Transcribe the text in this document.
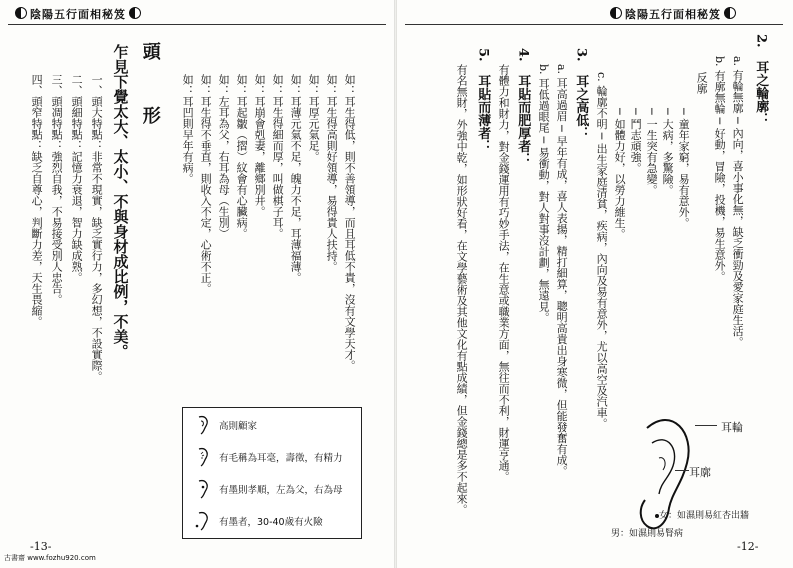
陰陽五行面相秘笈
頭　形
乍見下覺太大、太小、不與身材成比例，不美。
一、頭大特點：非常不現實，缺乏實行力，多幻想，不設實際。
二、頭細特點：記憶力衰退，智力缺成熟。
三、頭凋特點：強烈自我，不易接受別人忠告。
四、頭窄特點：缺乏自尊心，判斷力差，天生畏縮。	如：耳生得低，則不善領導，而且耳低不貴，沒有文學天才。
如：耳生得高則好領導，易得貴人扶持。
如：耳厚元氣足。
如：耳薄元氣不足，魄力不足，耳薄福薄。
如：耳生得細而厚，叫做棋子耳。
如：耳崩會剋妻，離鄉別井。
如：耳起皺（摺）紋會有心臟病。
如：左耳為父，右耳為母（生別）
如：耳生得不垂直，則收入不定，心術不正。
如：耳凹則早年有病。
高則顧家
有毛稱為耳毫，壽徵，有精力
有墨則孝順，左為父，右為母
有墨者，30-40歲有火險
-13-
古書齋 www.fozhu920.com
陰陽五行面相秘笈
2.　耳之輪廓：
a. 有輪無廓 ─ 內向，喜小事化無，缺乏衝勁及愛家庭生活。
b. 有廓無輪 ─ 好動，冒險，投機，易生意外。
反廓
─ 童年家窮，易有意外。
─ 大病，多驚險。
─ 一生突有急變。
─ 鬥志頑強。
─ 如體力好，以勞力維生。
c. 輪廓不明 ─ 出生家庭清貧，疾病，內向及易有意外，尤以高空及汽車。
3.　耳之高低：
a. 耳高過眉 ─ 早年有成，喜人表揚，精打細算，聰明高貴出身寒微，但能發奮有成。
b. 耳低過眼尾 ─ 易衝動，對人對事沒計劃，無遠見。
4.　耳貼而肥厚者：
有體力和財力，對金錢運用有巧妙手法，在生意或職業方面，無往而不利，財運亨通。
5.　耳貼而薄者：
有名無財，外強中乾，如形狀好看，在文學藝術及其他文化有點成績，但金錢總是多不起來。	耳輪
耳廓
女：如濕則易紅杏出牆
男：如濕則易腎病
-12-
